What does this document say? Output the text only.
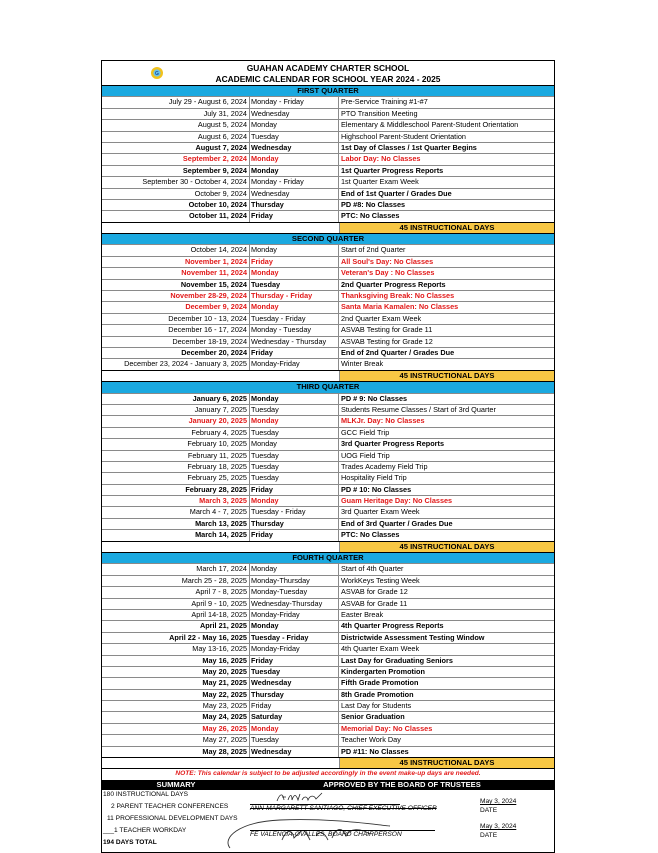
G
GUAHAN ACADEMY CHARTER SCHOOL
ACADEMIC CALENDAR FOR SCHOOL YEAR 2024 - 2025
FIRST QUARTER
July 29 - August 6, 2024 Monday - Friday	Pre-Service Training #1-#7
July 31, 2024 Wednesday	PTO Transition Meeting
August 5, 2024 Monday	Elementary & Middleschool Parent-Student Orientation
August 6, 2024 Tuesday	Highschool Parent-Student Orientation
August 7, 2024 Wednesday	1st Day of Classes / 1st Quarter Begins
September 2, 2024 Monday	Labor Day: No Classes
September 9, 2024 Monday	1st Quarter Progress Reports
September 30 - October 4, 2024 Monday - Friday	1st Quarter Exam Week
October 9, 2024 Wednesday	End of 1st Quarter / Grades Due
October 10, 2024 Thursday	PD #8: No Classes
October 11, 2024 Friday	PTC: No Classes
45 INSTRUCTIONAL DAYS
SECOND QUARTER
October 14, 2024 Monday	Start of 2nd Quarter
November 1, 2024 Friday	All Soul's Day: No Classes
November 11, 2024 Monday	Veteran's Day : No Classes
November 15, 2024 Tuesday	2nd Quarter Progress Reports
November 28-29, 2024 Thursday - Friday	Thanksgiving Break: No Classes
December 9, 2024 Monday	Santa Maria Kamalen: No Classes
December 10 - 13, 2024 Tuesday - Friday	2nd Quarter Exam Week
December 16 - 17, 2024 Monday - Tuesday	ASVAB Testing for Grade 11
December 18-19, 2024 Wednesday - Thursday	ASVAB Testing for Grade 12
December 20, 2024 Friday	End of 2nd Quarter / Grades Due
December 23, 2024 - January 3, 2025 Monday-Friday	Winter Break
45 INSTRUCTIONAL DAYS
THIRD QUARTER
January 6, 2025 Monday	PD # 9: No Classes
January 7, 2025 Tuesday	Students Resume Classes / Start of 3rd Quarter
January 20, 2025 Monday	MLKJr. Day: No Classes
February 4, 2025 Tuesday	GCC Field Trip
February 10, 2025 Monday	3rd Quarter Progress Reports
February 11, 2025 Tuesday	UOG Field Trip
February 18, 2025 Tuesday	Trades Academy Field Trip
February 25, 2025 Tuesday	Hospitality Field Trip
February 28, 2025 Friday	PD # 10: No Classes
March 3, 2025 Monday	Guam Heritage Day: No Classes
March 4 - 7, 2025 Tuesday - Friday	3rd Quarter Exam Week
March 13, 2025 Thursday	End of 3rd Quarter / Grades Due
March 14, 2025 Friday	PTC: No Classes
45 INSTRUCTIONAL DAYS
FOURTH QUARTER
March 17, 2024 Monday	Start of 4th Quarter
March 25 - 28, 2025 Monday-Thursday	WorkKeys Testing Week
April 7 - 8, 2025 Monday-Tuesday	ASVAB for Grade 12
April 9 - 10, 2025 Wednesday-Thursday	ASVAB for Grade 11
April 14-18, 2025 Monday-Friday	Easter Break
April 21, 2025 Monday	4th Quarter Progress Reports
April 22 - May 16, 2025 Tuesday - Friday	Districtwide Assessment Testing Window
May 13-16, 2025 Monday-Friday	4th Quarter Exam Week
May 16, 2025 Friday	Last Day for Graduating Seniors
May 20, 2025 Tuesday	Kindergarten Promotion
May 21, 2025 Wednesday	Fifth Grade Promotion
May 22, 2025 Thursday	8th Grade Promotion
May 23, 2025 Friday	Last Day for Students
May 24, 2025 Saturday	Senior Graduation
May 26, 2025 Monday	Memorial Day: No Classes
May 27, 2025 Tuesday	Teacher Work Day
May 28, 2025 Wednesday	PD #11: No Classes
45 INSTRUCTIONAL DAYS
NOTE: This calendar is subject to be adjusted accordingly in the event make-up days are needed.
SUMMARY	APPROVED BY THE BOARD OF TRUSTEES
180 INSTRUCTIONAL DAYS
2 PARENT TEACHER CONFERENCES
11 PROFESSIONAL DEVELOPMENT DAYS
___1 TEACHER WORKDAY
194 DAYS TOTAL
ANN-MARGARETT SANTIAGO, CHIEF EXECUTIVE OFFICER
May 3, 2024
DATE
FE VALENCIA-OVALLES, BOARD CHAIRPERSON
May 3, 2024
DATE
